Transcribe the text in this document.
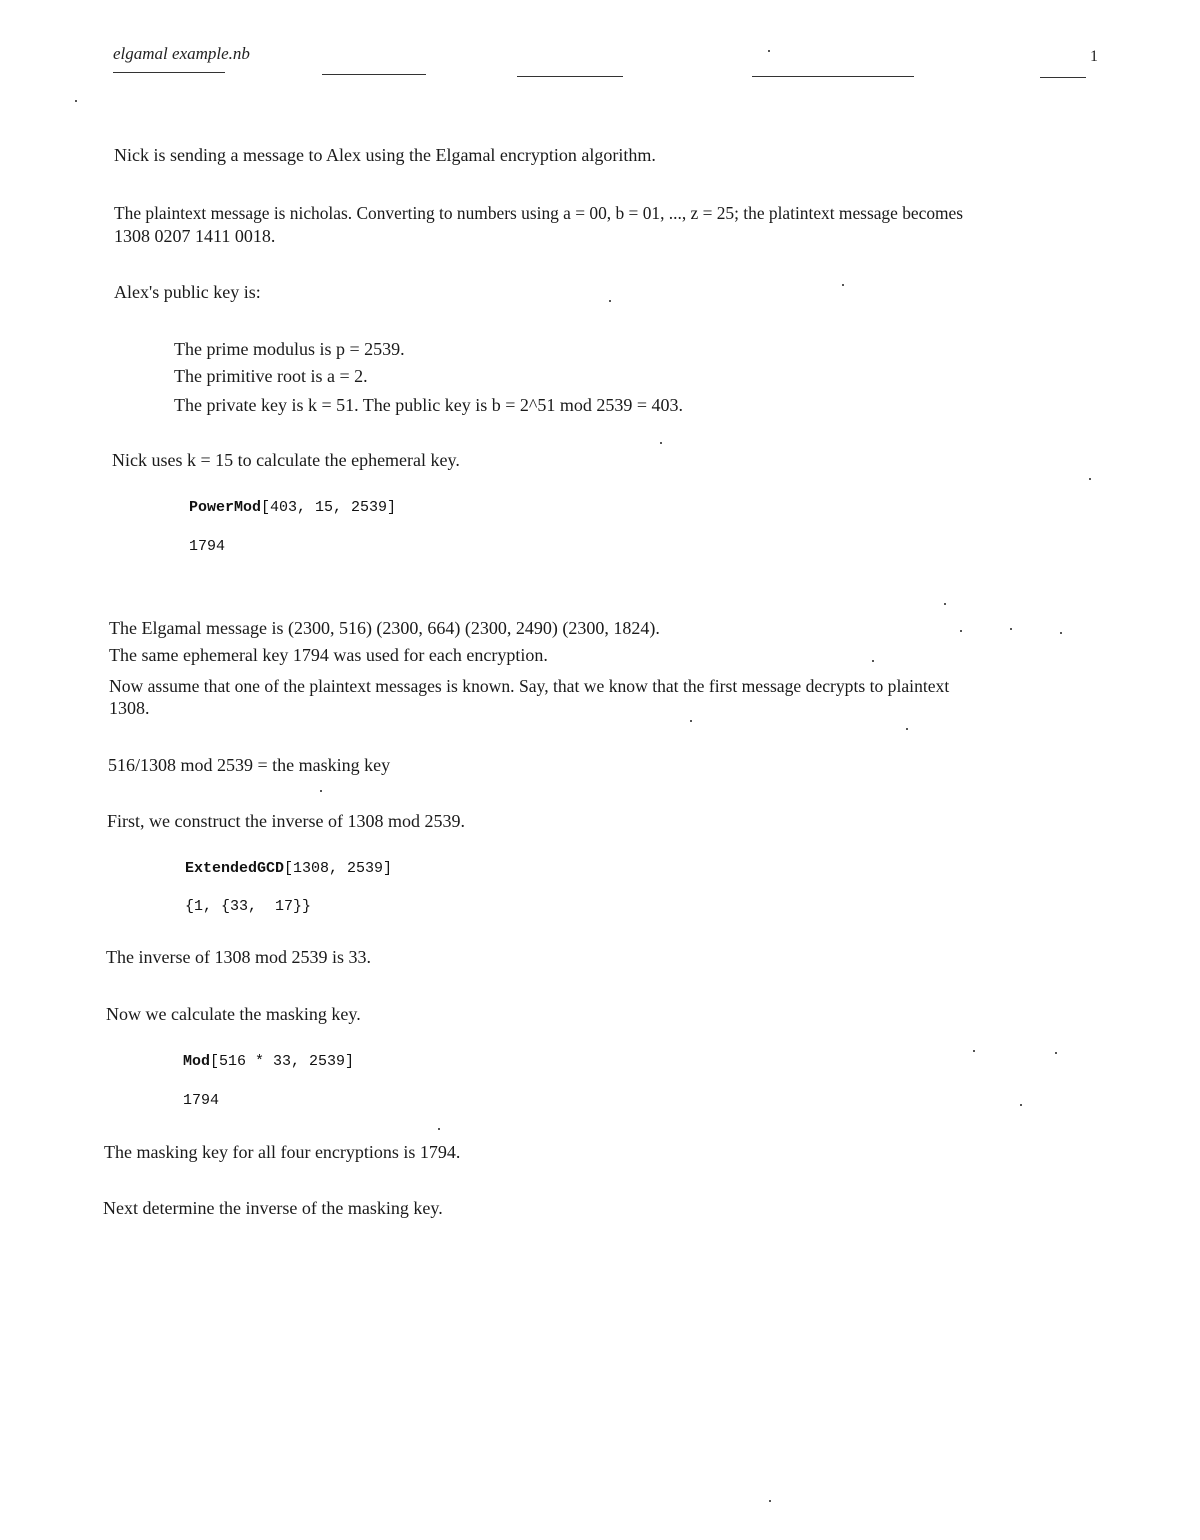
elgamal example.nb	1
Nick is sending a message to Alex using the Elgamal encryption algorithm.
The plaintext message is nicholas. Converting to numbers using a = 00, b = 01, ..., z = 25; the platintext message becomes
1308 0207 1411 0018.
Alex's public key is:
The prime modulus is p = 2539.
The primitive root is a = 2.
The private key is k = 51. The public key is b = 2^51 mod 2539 = 403.
Nick uses k = 15 to calculate the ephemeral key.
PowerMod[403, 15, 2539]
1794
The Elgamal message is (2300, 516) (2300, 664) (2300, 2490) (2300, 1824).
The same ephemeral key 1794 was used for each encryption.
Now assume that one of the plaintext messages is known. Say, that we know that the first message decrypts to plaintext
1308.
516/1308 mod 2539 = the masking key
First, we construct the inverse of 1308 mod 2539.
ExtendedGCD[1308, 2539]
{1, {33,  17}}
The inverse of 1308 mod 2539 is 33.
Now we calculate the masking key.
Mod[516 * 33, 2539]
1794
The masking key for all four encryptions is 1794.
Next determine the inverse of the masking key.
